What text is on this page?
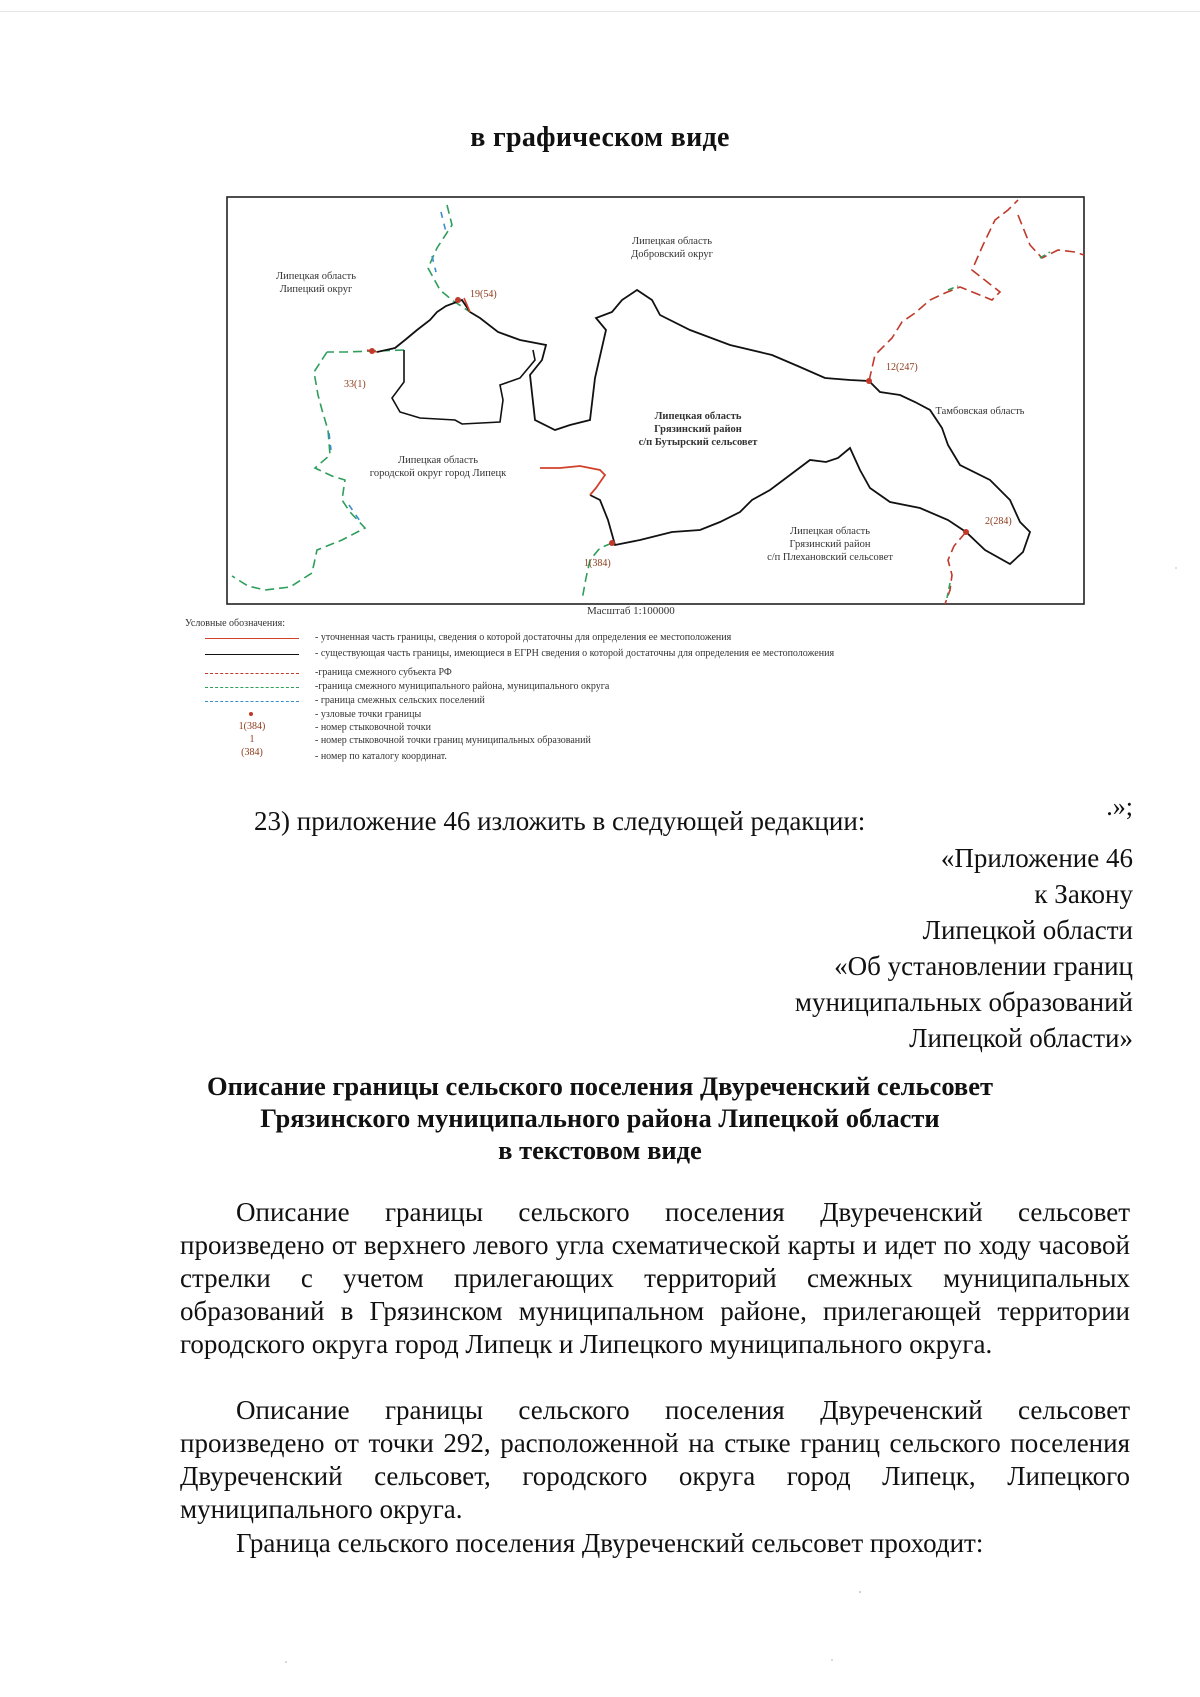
в графическом виде
Липецкая область Липецкий округ
Липецкая область Добровский округ
Липецкая область Грязинский район с/п Бутырский сельсовет
Липецкая область городской округ город Липецк
Тамбовская область
Липецкая область Грязинский район с/п Плехановский сельсовет
19(54)
33(1)
12(247)
2(284)
1(384)
Масштаб 1:100000
Условные обозначения:
- уточненная часть границы, сведения о которой достаточны для определения ее местоположения
- существующая часть границы, имеющиеся в ЕГРН сведения о которой достаточны для определения ее местоположения
-граница смежного субъекта РФ
-граница смежного муниципального района, муниципального округа
- граница смежных сельских поселений
- узловые точки границы
1(384)	- номер стыковочной точки
1	- номер стыковочной точки границ муниципальных образований
(384)	- номер по каталогу координат.
.»;
23) приложение 46 изложить в следующей редакции:
«Приложение 46
к Закону
Липецкой области
«Об установлении границ
муниципальных образований
Липецкой области»
Описание границы сельского поселения Двуреченский сельсовет
Грязинского муниципального района Липецкой области
в текстовом виде
Описание границы сельского поселения Двуреченский сельсовет произведено от верхнего левого угла схематической карты и идет по ходу часовой стрелки с учетом прилегающих территорий смежных муниципальных образований в Грязинском муниципальном районе, прилегающей территории городского округа город Липецк и Липецкого муниципального округа.
Описание границы сельского поселения Двуреченский сельсовет произведено от точки 292, расположенной на стыке границ сельского поселения Двуреченский сельсовет, городского округа город Липецк, Липецкого муниципального округа.
Граница сельского поселения Двуреченский сельсовет проходит:
